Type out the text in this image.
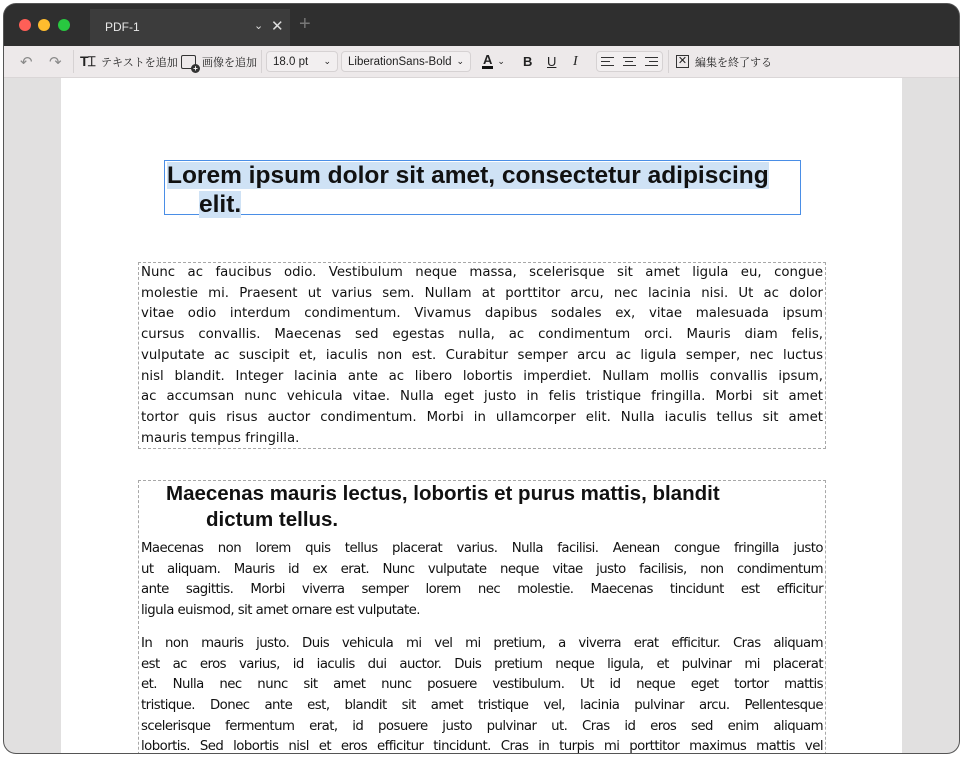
PDF-1	⌄ ✕ +
↶ ↷ T⌶ テキストを追加 + 画像を追加 18.0 pt	⌄ LiberationSans-Bold ⌄ A ⌄ B U I	✕ 編集を終了する
Lorem ipsum dolor sit amet, consectetur adipiscing
elit.
Nunc ac faucibus odio. Vestibulum neque massa, scelerisque sit amet ligula eu, congue
molestie mi. Praesent ut varius sem. Nullam at porttitor arcu, nec lacinia nisi. Ut ac dolor
vitae odio interdum condimentum. Vivamus dapibus sodales ex, vitae malesuada ipsum
cursus convallis. Maecenas sed egestas nulla, ac condimentum orci. Mauris diam felis,
vulputate ac suscipit et, iaculis non est. Curabitur semper arcu ac ligula semper, nec luctus
nisl blandit. Integer lacinia ante ac libero lobortis imperdiet. Nullam mollis convallis ipsum,
ac accumsan nunc vehicula vitae. Nulla eget justo in felis tristique fringilla. Morbi sit amet
tortor quis risus auctor condimentum. Morbi in ullamcorper elit. Nulla iaculis tellus sit amet
mauris tempus fringilla.
Maecenas mauris lectus, lobortis et purus mattis, blandit
dictum tellus.
Maecenas non lorem quis tellus placerat varius. Nulla facilisi. Aenean congue fringilla justo
ut aliquam. Mauris id ex erat. Nunc vulputate neque vitae justo facilisis, non condimentum
ante sagittis. Morbi viverra semper lorem nec molestie. Maecenas tincidunt est efficitur
ligula euismod, sit amet ornare est vulputate.
In non mauris justo. Duis vehicula mi vel mi pretium, a viverra erat efficitur. Cras aliquam
est ac eros varius, id iaculis dui auctor. Duis pretium neque ligula, et pulvinar mi placerat
et. Nulla nec nunc sit amet nunc posuere vestibulum. Ut id neque eget tortor mattis
tristique. Donec ante est, blandit sit amet tristique vel, lacinia pulvinar arcu. Pellentesque
scelerisque fermentum erat, id posuere justo pulvinar ut. Cras id eros sed enim aliquam
lobortis. Sed lobortis nisl et eros efficitur tincidunt. Cras in turpis mi porttitor maximus mattis vel
